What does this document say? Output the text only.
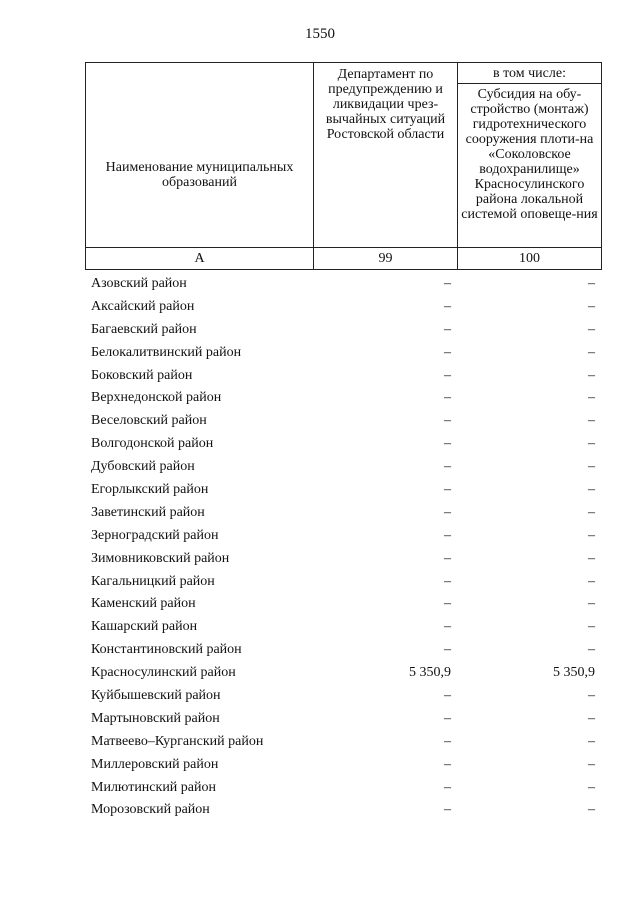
1550
Наименование муниципальных образований	Департамент по предупреждению и ликвидации чрез-вычайных ситуаций Ростовской области	в том числе:
		Субсидия на обу-стройство (монтаж) гидротехнического сооружения плоти-на «Соколовское водохранилище» Красносулинского района локальной системой оповеще-ния
А	99	100
Азовский район	–	–
Аксайский район	–	–
Багаевский район	–	–
Белокалитвинский район	–	–
Боковский район	–	–
Верхнедонской район	–	–
Веселовский район	–	–
Волгодонской район	–	–
Дубовский район	–	–
Егорлыкский район	–	–
Заветинский район	–	–
Зерноградский район	–	–
Зимовниковский район	–	–
Кагальницкий район	–	–
Каменский район	–	–
Кашарский район	–	–
Константиновский район	–	–
Красносулинский район	5 350,9	5 350,9
Куйбышевский район	–	–
Мартыновский район	–	–
Матвеево–Курганский район	–	–
Миллеровский район	–	–
Милютинский район	–	–
Морозовский район	–	–
